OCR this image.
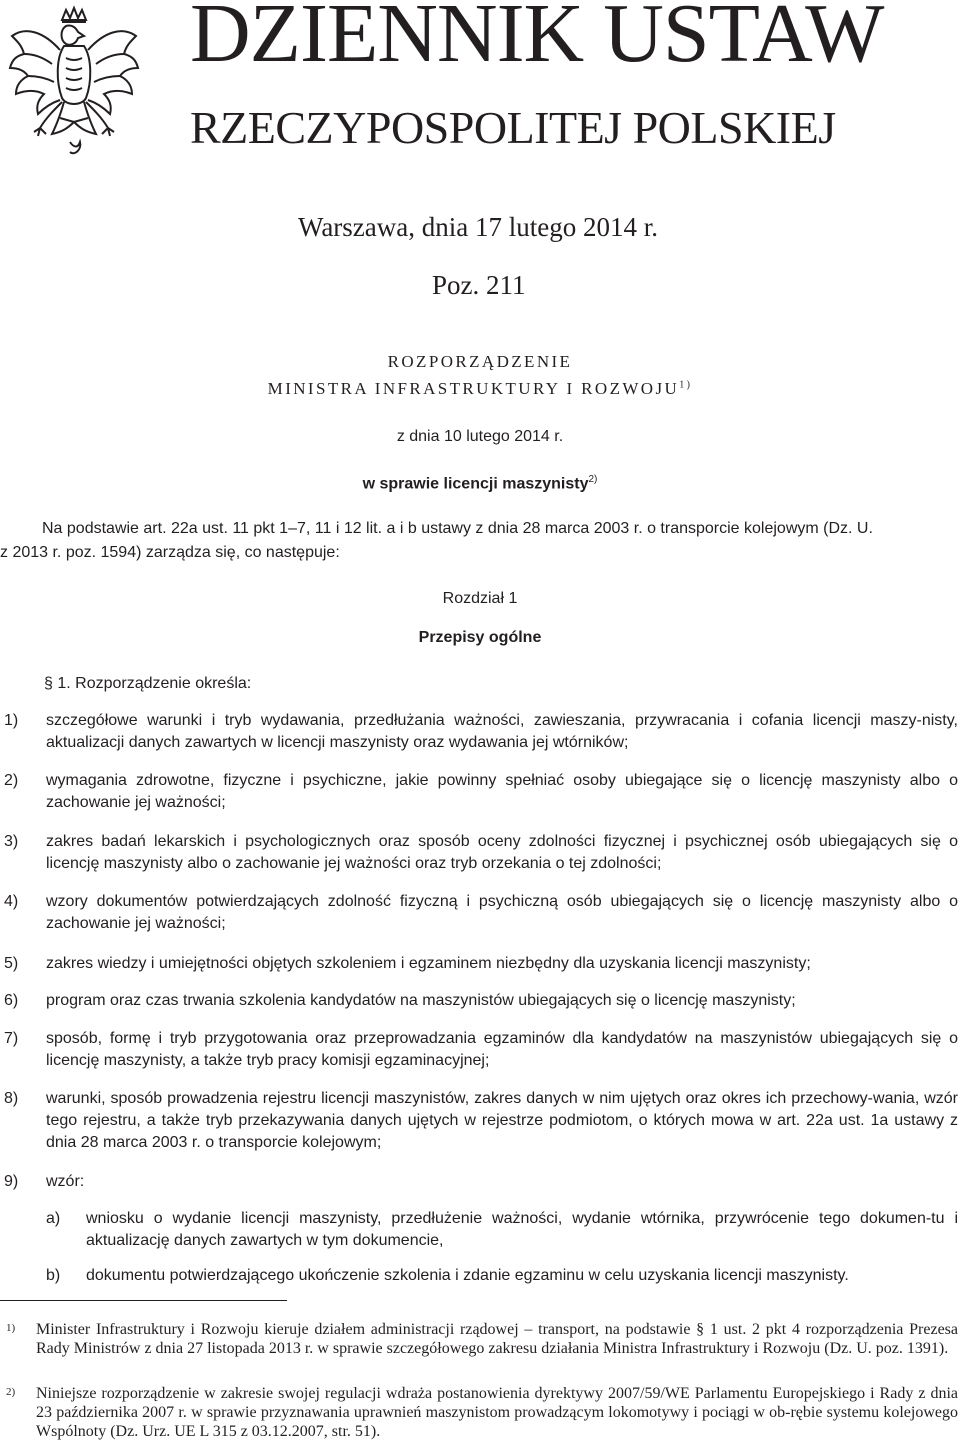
DZIENNIK USTAW
RZECZYPOSPOLITEJ POLSKIEJ
Warszawa, dnia 17 lutego 2014 r.
Poz. 211
ROZPORZĄDZENIE
MINISTRA INFRASTRUKTURY I ROZWOJU$^{1)}$
z dnia 10 lutego 2014 r.
w sprawie licencji maszynisty$^{2)}$
Na podstawie art. 22a ust. 11 pkt 1–7, 11 i 12 lit. a i b ustawy z dnia 28 marca 2003 r. o transporcie kolejowym (Dz. U.
z 2013 r. poz. 1594) zarządza się, co następuje:
Rozdział 1
Przepisy ogólne
§ 1. Rozporządzenie określa:
1) szczegółowe warunki i tryb wydawania, przedłużania ważności, zawieszania, przywracania i cofania licencji maszy-nisty, aktualizacji danych zawartych w licencji maszynisty oraz wydawania jej wtórników;
2) wymagania zdrowotne, fizyczne i psychiczne, jakie powinny spełniać osoby ubiegające się o licencję maszynisty albo o zachowanie jej ważności;
3) zakres badań lekarskich i psychologicznych oraz sposób oceny zdolności fizycznej i psychicznej osób ubiegających się o licencję maszynisty albo o zachowanie jej ważności oraz tryb orzekania o tej zdolności;
4) wzory dokumentów potwierdzających zdolność fizyczną i psychiczną osób ubiegających się o licencję maszynisty albo o zachowanie jej ważności;
5) zakres wiedzy i umiejętności objętych szkoleniem i egzaminem niezbędny dla uzyskania licencji maszynisty;
6) program oraz czas trwania szkolenia kandydatów na maszynistów ubiegających się o licencję maszynisty;
7) sposób, formę i tryb przygotowania oraz przeprowadzania egzaminów dla kandydatów na maszynistów ubiegających się o licencję maszynisty, a także tryb pracy komisji egzaminacyjnej;
8) warunki, sposób prowadzenia rejestru licencji maszynistów, zakres danych w nim ujętych oraz okres ich przechowy-wania, wzór tego rejestru, a także tryb przekazywania danych ujętych w rejestrze podmiotom, o których mowa w art. 22a ust. 1a ustawy z dnia 28 marca 2003 r. o transporcie kolejowym;
9) wzór:
a) wniosku o wydanie licencji maszynisty, przedłużenie ważności, wydanie wtórnika, przywrócenie tego dokumen-tu i aktualizację danych zawartych w tym dokumencie,
b) dokumentu potwierdzającego ukończenie szkolenia i zdanie egzaminu w celu uzyskania licencji maszynisty.
1) Minister Infrastruktury i Rozwoju kieruje działem administracji rządowej – transport, na podstawie § 1 ust. 2 pkt 4 rozporządzenia Prezesa Rady Ministrów z dnia 27 listopada 2013 r. w sprawie szczegółowego zakresu działania Ministra Infrastruktury i Rozwoju (Dz. U. poz. 1391).
2) Niniejsze rozporządzenie w zakresie swojej regulacji wdraża postanowienia dyrektywy 2007/59/WE Parlamentu Europejskiego i Rady z dnia 23 października 2007 r. w sprawie przyznawania uprawnień maszynistom prowadzącym lokomotywy i pociągi w ob-rębie systemu kolejowego Wspólnoty (Dz. Urz. UE L 315 z 03.12.2007, str. 51).
